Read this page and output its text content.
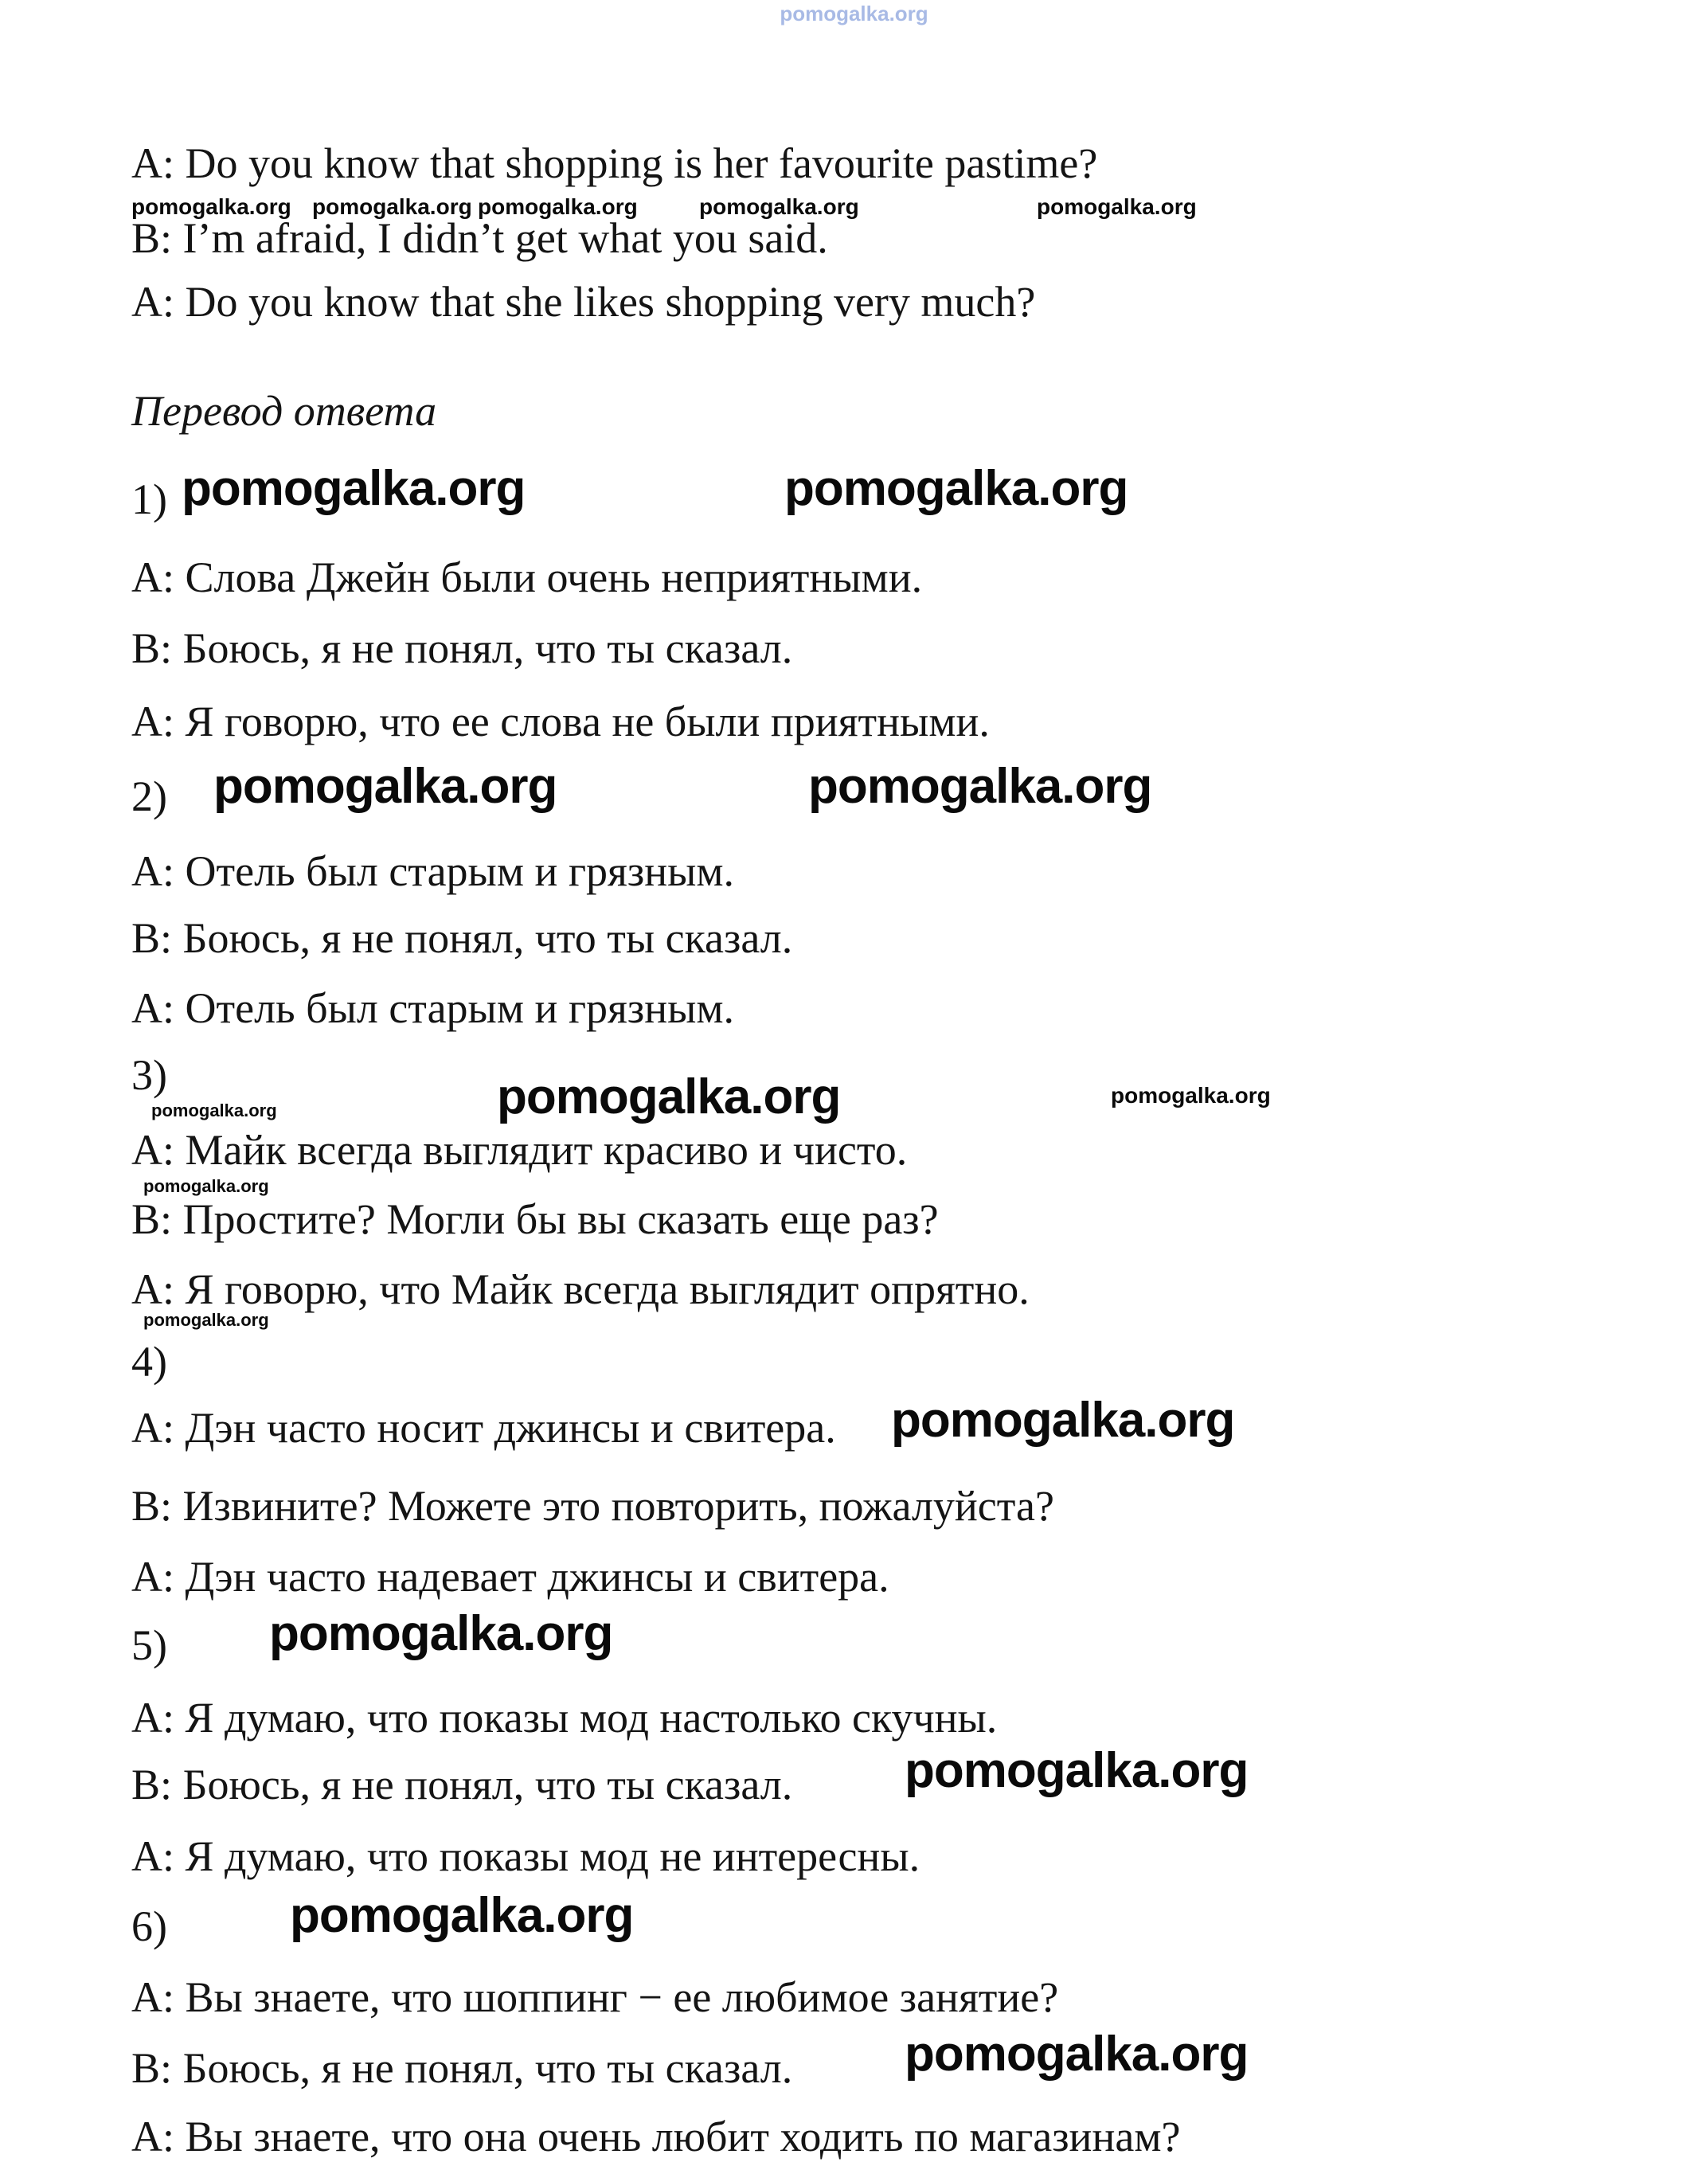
pomogalka.org
A: Do you know that shopping is her favourite pastime?
pomogalka.org pomogalka.org pomogalka.org	pomogalka.org	pomogalka.org
B: I’m afraid, I didn’t get what you said.
A: Do you know that she likes shopping very much?
Перевод ответа
1) pomogalka.org	pomogalka.org
А: Слова Джейн были очень неприятными.
В: Боюсь, я не понял, что ты сказал.
А: Я говорю, что ее слова не были приятными.
2) pomogalka.org	pomogalka.org
А: Отель был старым и грязным.
В: Боюсь, я не понял, что ты сказал.
А: Отель был старым и грязным.
3)
pomogalka.org	pomogalka.org	pomogalka.org
А: Майк всегда выглядит красиво и чисто.
pomogalka.org
В: Простите? Могли бы вы сказать еще раз?
А: Я говорю, что Майк всегда выглядит опрятно.
pomogalka.org
4)
А: Дэн часто носит джинсы и свитера. pomogalka.org
В: Извините? Можете это повторить, пожалуйста?
А: Дэн часто надевает джинсы и свитера.
5) pomogalka.org
А: Я думаю, что показы мод настолько скучны.
В: Боюсь, я не понял, что ты сказал. pomogalka.org
А: Я думаю, что показы мод не интересны.
6) pomogalka.org
А: Вы знаете, что шоппинг − ее любимое занятие?
В: Боюсь, я не понял, что ты сказал. pomogalka.org
А: Вы знаете, что она очень любит ходить по магазинам?
